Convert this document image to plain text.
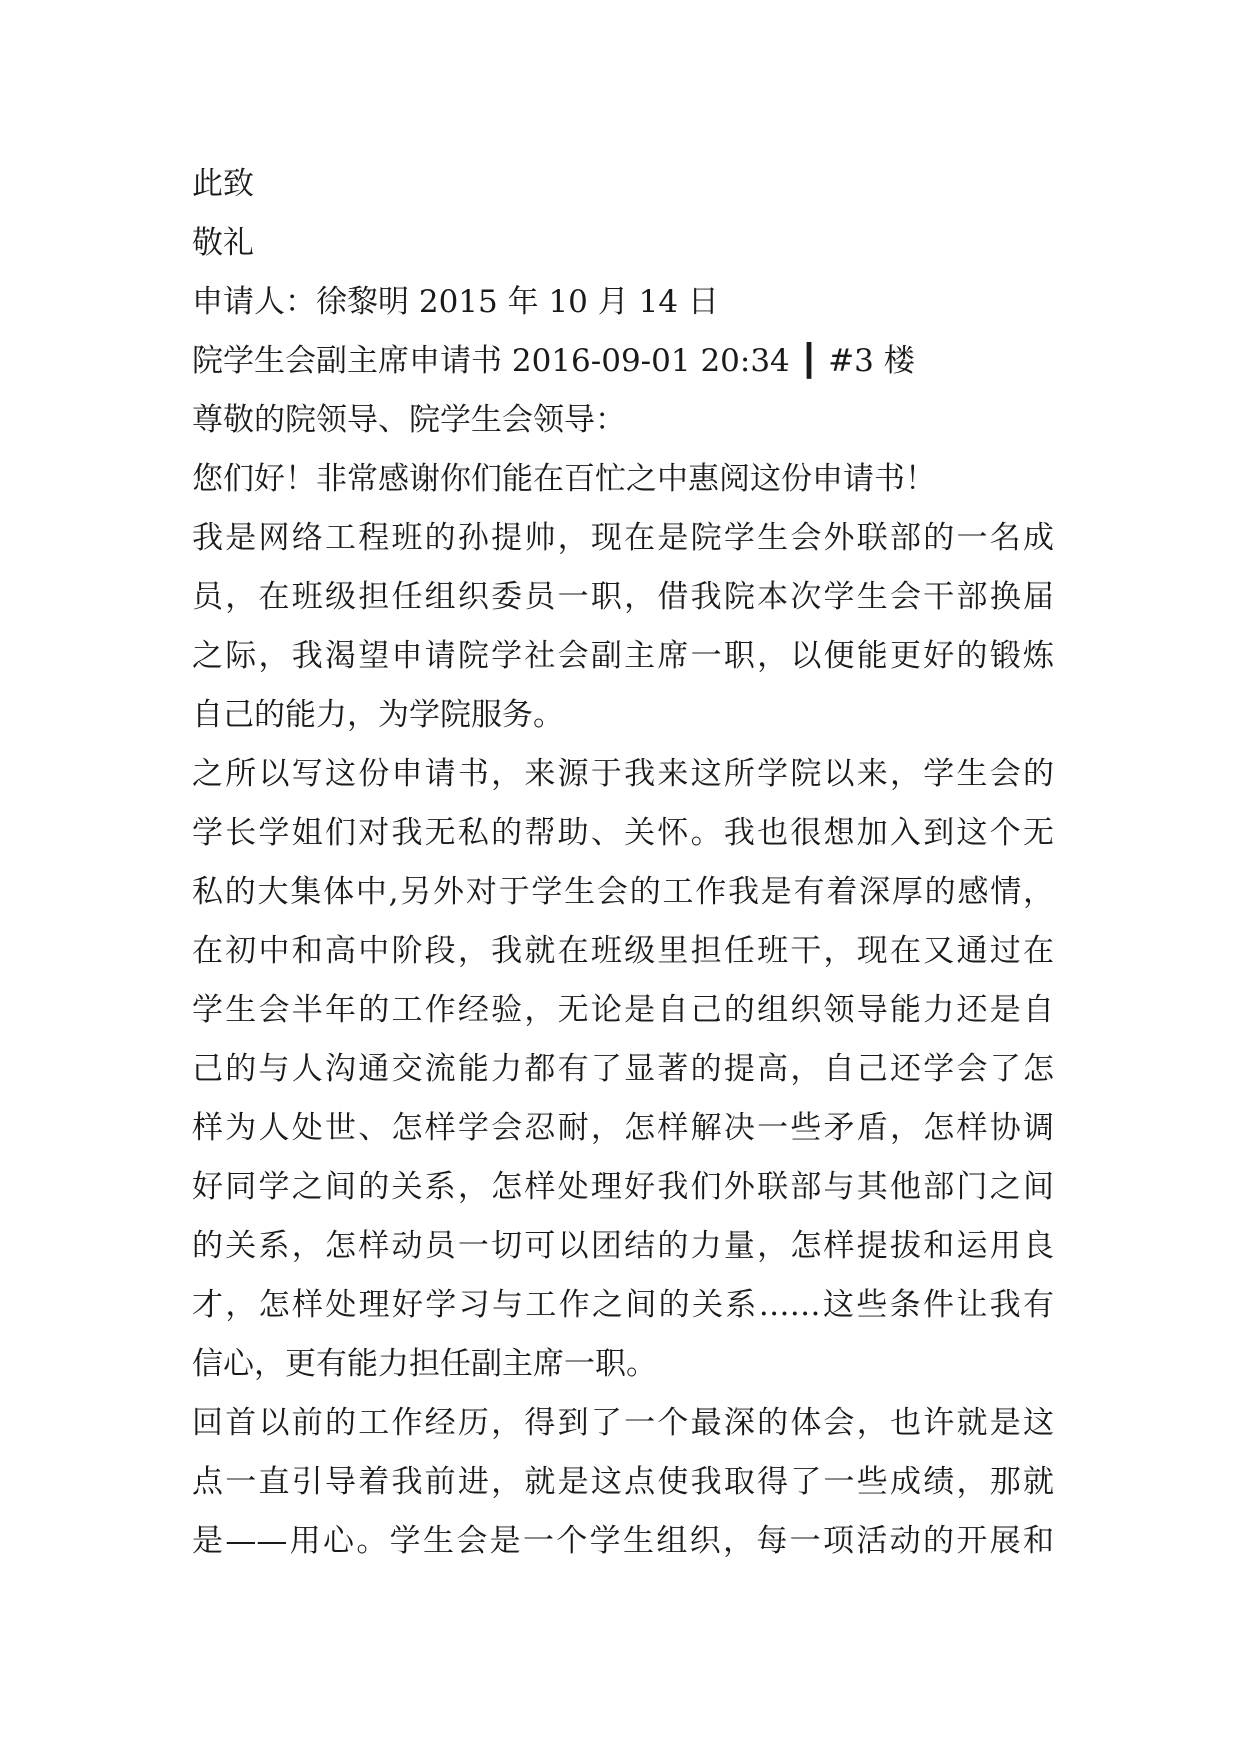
此致
敬礼
申请人：徐黎明 2015 年 10 月 14 日
院学生会副主席申请书 2016-09-01 20:34 ┃ #3 楼
尊敬的院领导、院学生会领导：
您们好！非常感谢你们能在百忙之中惠阅这份申请书！
我是网络工程班的孙提帅，现在是院学生会外联部的一名成
员，在班级担任组织委员一职，借我院本次学生会干部换届
之际，我渴望申请院学社会副主席一职，以便能更好的锻炼
自己的能力，为学院服务。
之所以写这份申请书，来源于我来这所学院以来，学生会的
学长学姐们对我无私的帮助、关怀。我也很想加入到这个无
私的大集体中,另外对于学生会的工作我是有着深厚的感情，
在初中和高中阶段，我就在班级里担任班干，现在又通过在
学生会半年的工作经验，无论是自己的组织领导能力还是自
己的与人沟通交流能力都有了显著的提高，自己还学会了怎
样为人处世、怎样学会忍耐，怎样解决一些矛盾，怎样协调
好同学之间的关系，怎样处理好我们外联部与其他部门之间
的关系，怎样动员一切可以团结的力量，怎样提拔和运用良
才，怎样处理好学习与工作之间的关系……这些条件让我有
信心，更有能力担任副主席一职。
回首以前的工作经历，得到了一个最深的体会，也许就是这
点一直引导着我前进，就是这点使我取得了一些成绩，那就
是——用心。学生会是一个学生组织，每一项活动的开展和
